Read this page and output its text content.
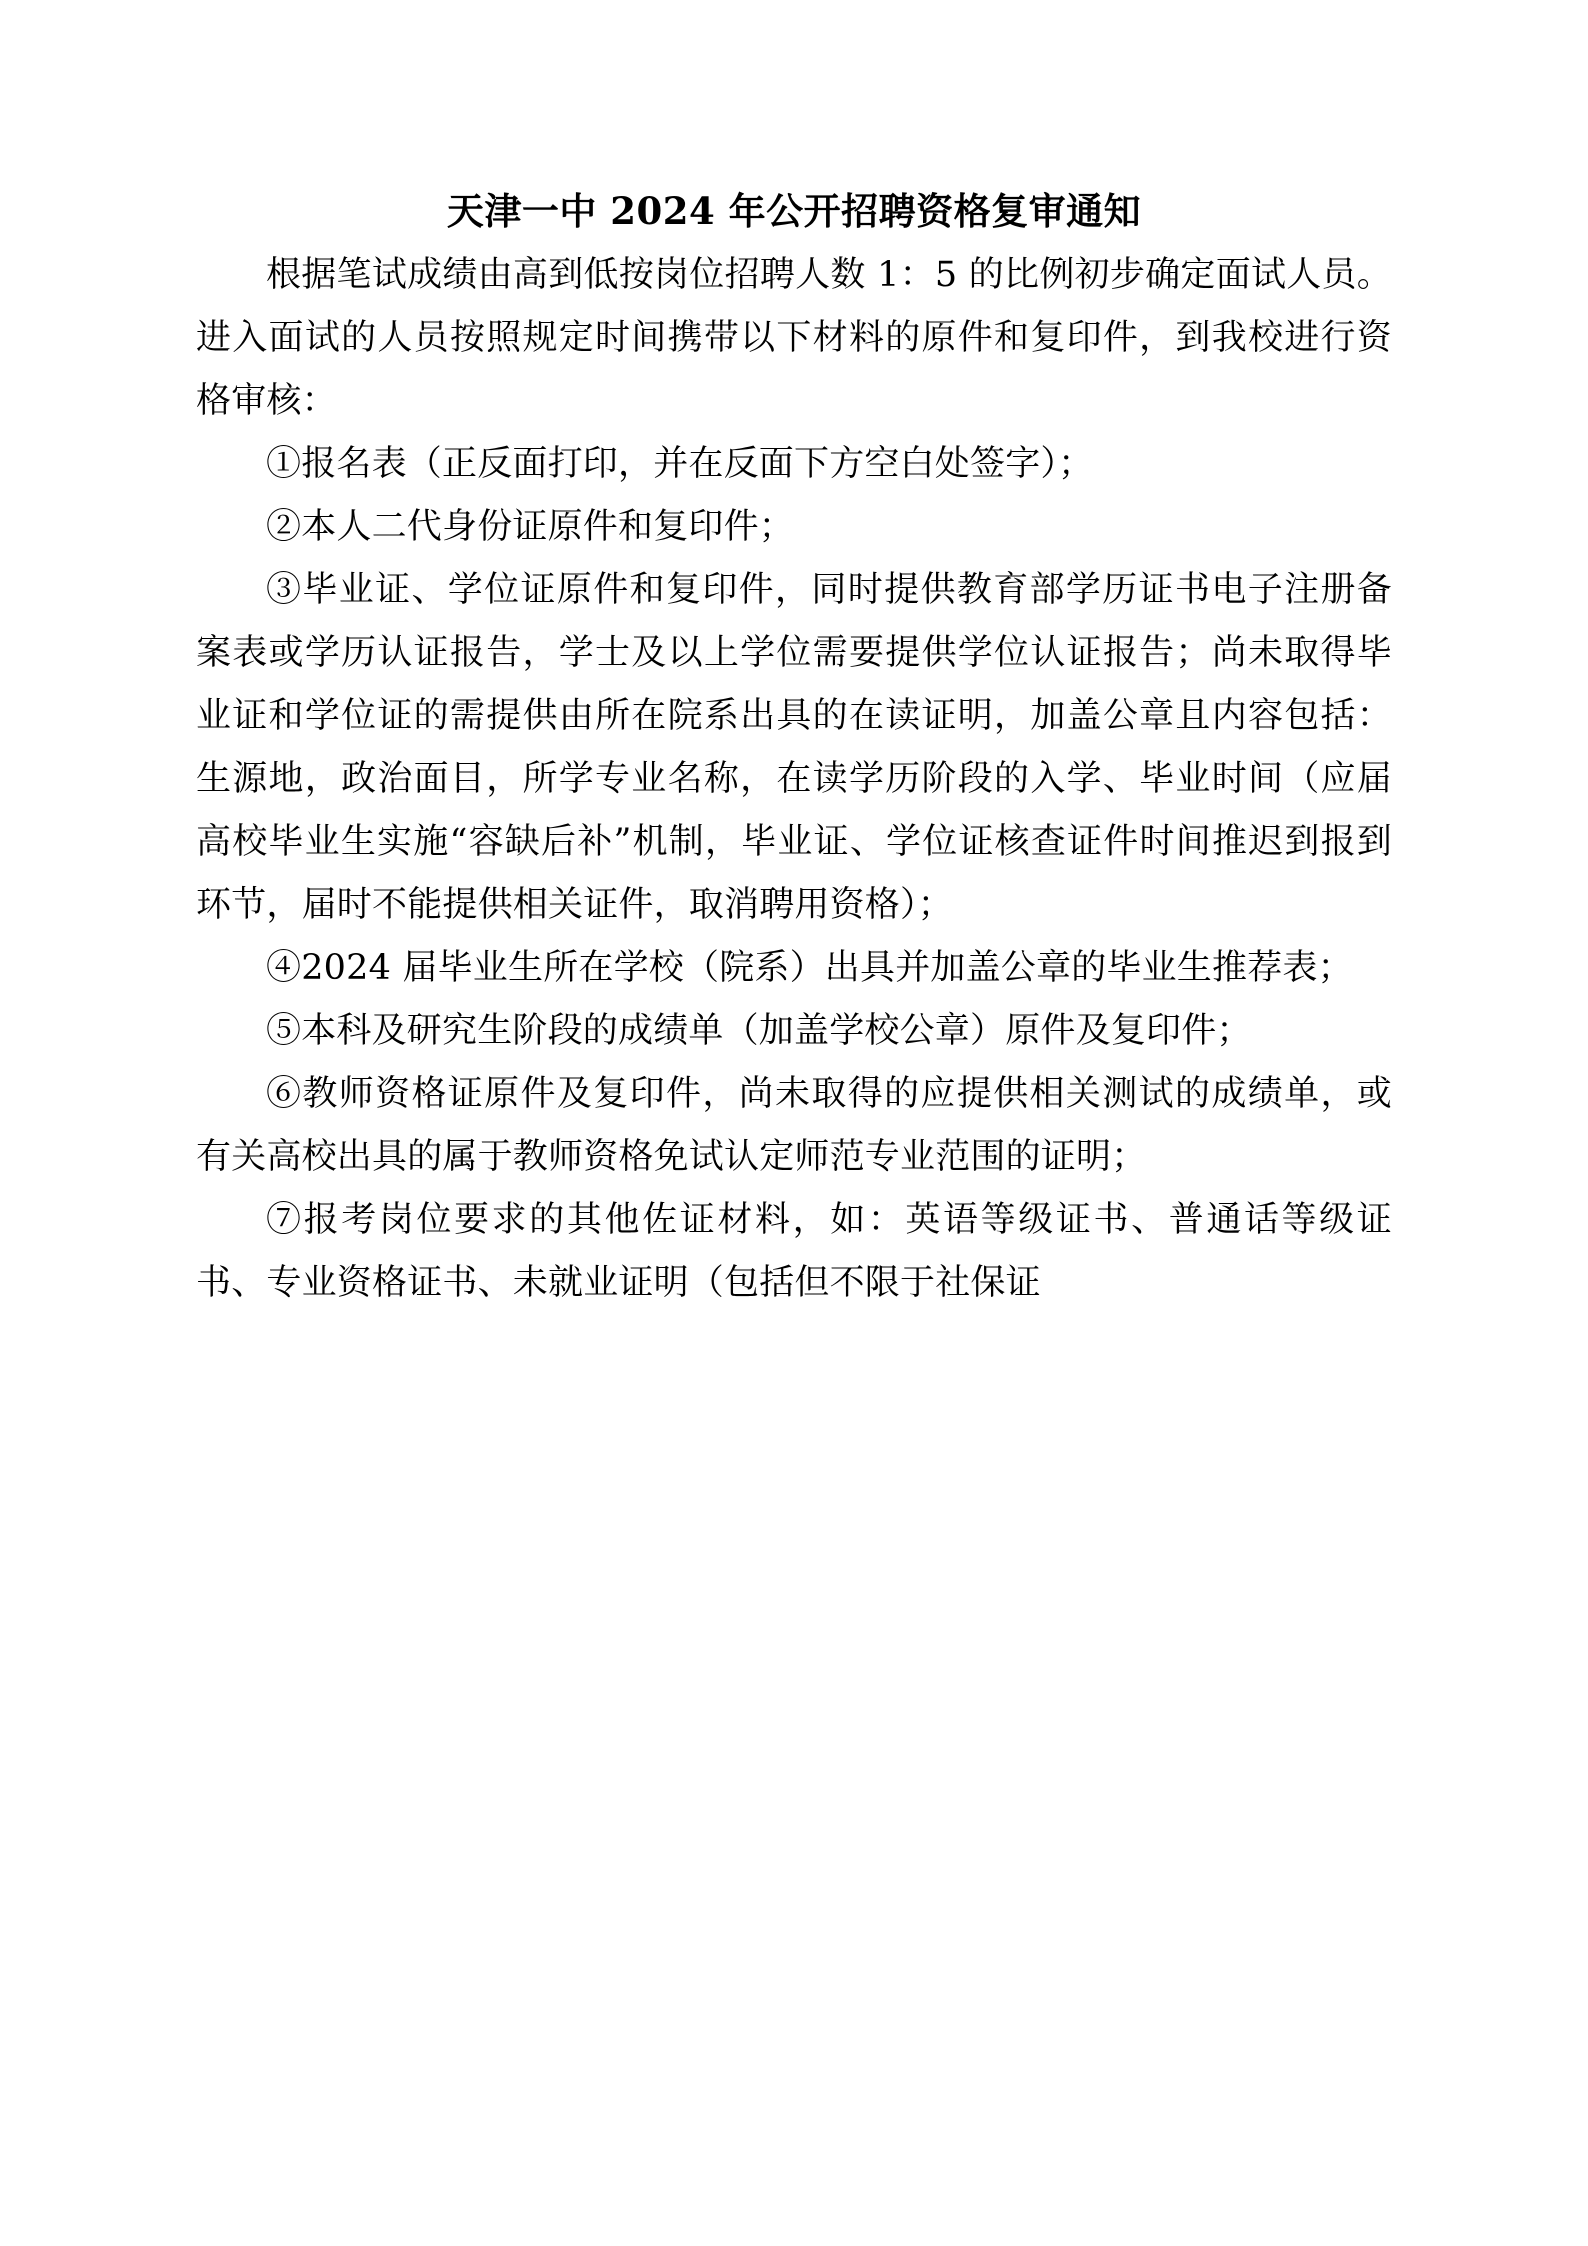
天津一中 2024 年公开招聘资格复审通知

根据笔试成绩由高到低按岗位招聘人数 1：5 的比例初步确定面试人员。进入面试的人员按照规定时间携带以下材料的原件和复印件，到我校进行资格审核：

①报名表（正反面打印，并在反面下方空白处签字）；

②本人二代身份证原件和复印件；

③毕业证、学位证原件和复印件，同时提供教育部学历证书电子注册备案表或学历认证报告，学士及以上学位需要提供学位认证报告；尚未取得毕业证和学位证的需提供由所在院系出具的在读证明，加盖公章且内容包括：生源地，政治面目，所学专业名称，在读学历阶段的入学、毕业时间（应届高校毕业生实施“容缺后补”机制，毕业证、学位证核查证件时间推迟到报到环节，届时不能提供相关证件，取消聘用资格）；

④2024 届毕业生所在学校（院系）出具并加盖公章的毕业生推荐表；

⑤本科及研究生阶段的成绩单（加盖学校公章）原件及复印件；

⑥教师资格证原件及复印件，尚未取得的应提供相关测试的成绩单，或有关高校出具的属于教师资格免试认定师范专业范围的证明；

⑦报考岗位要求的其他佐证材料，如：英语等级证书、普通话等级证书、专业资格证书、未就业证明（包括但不限于社保证
